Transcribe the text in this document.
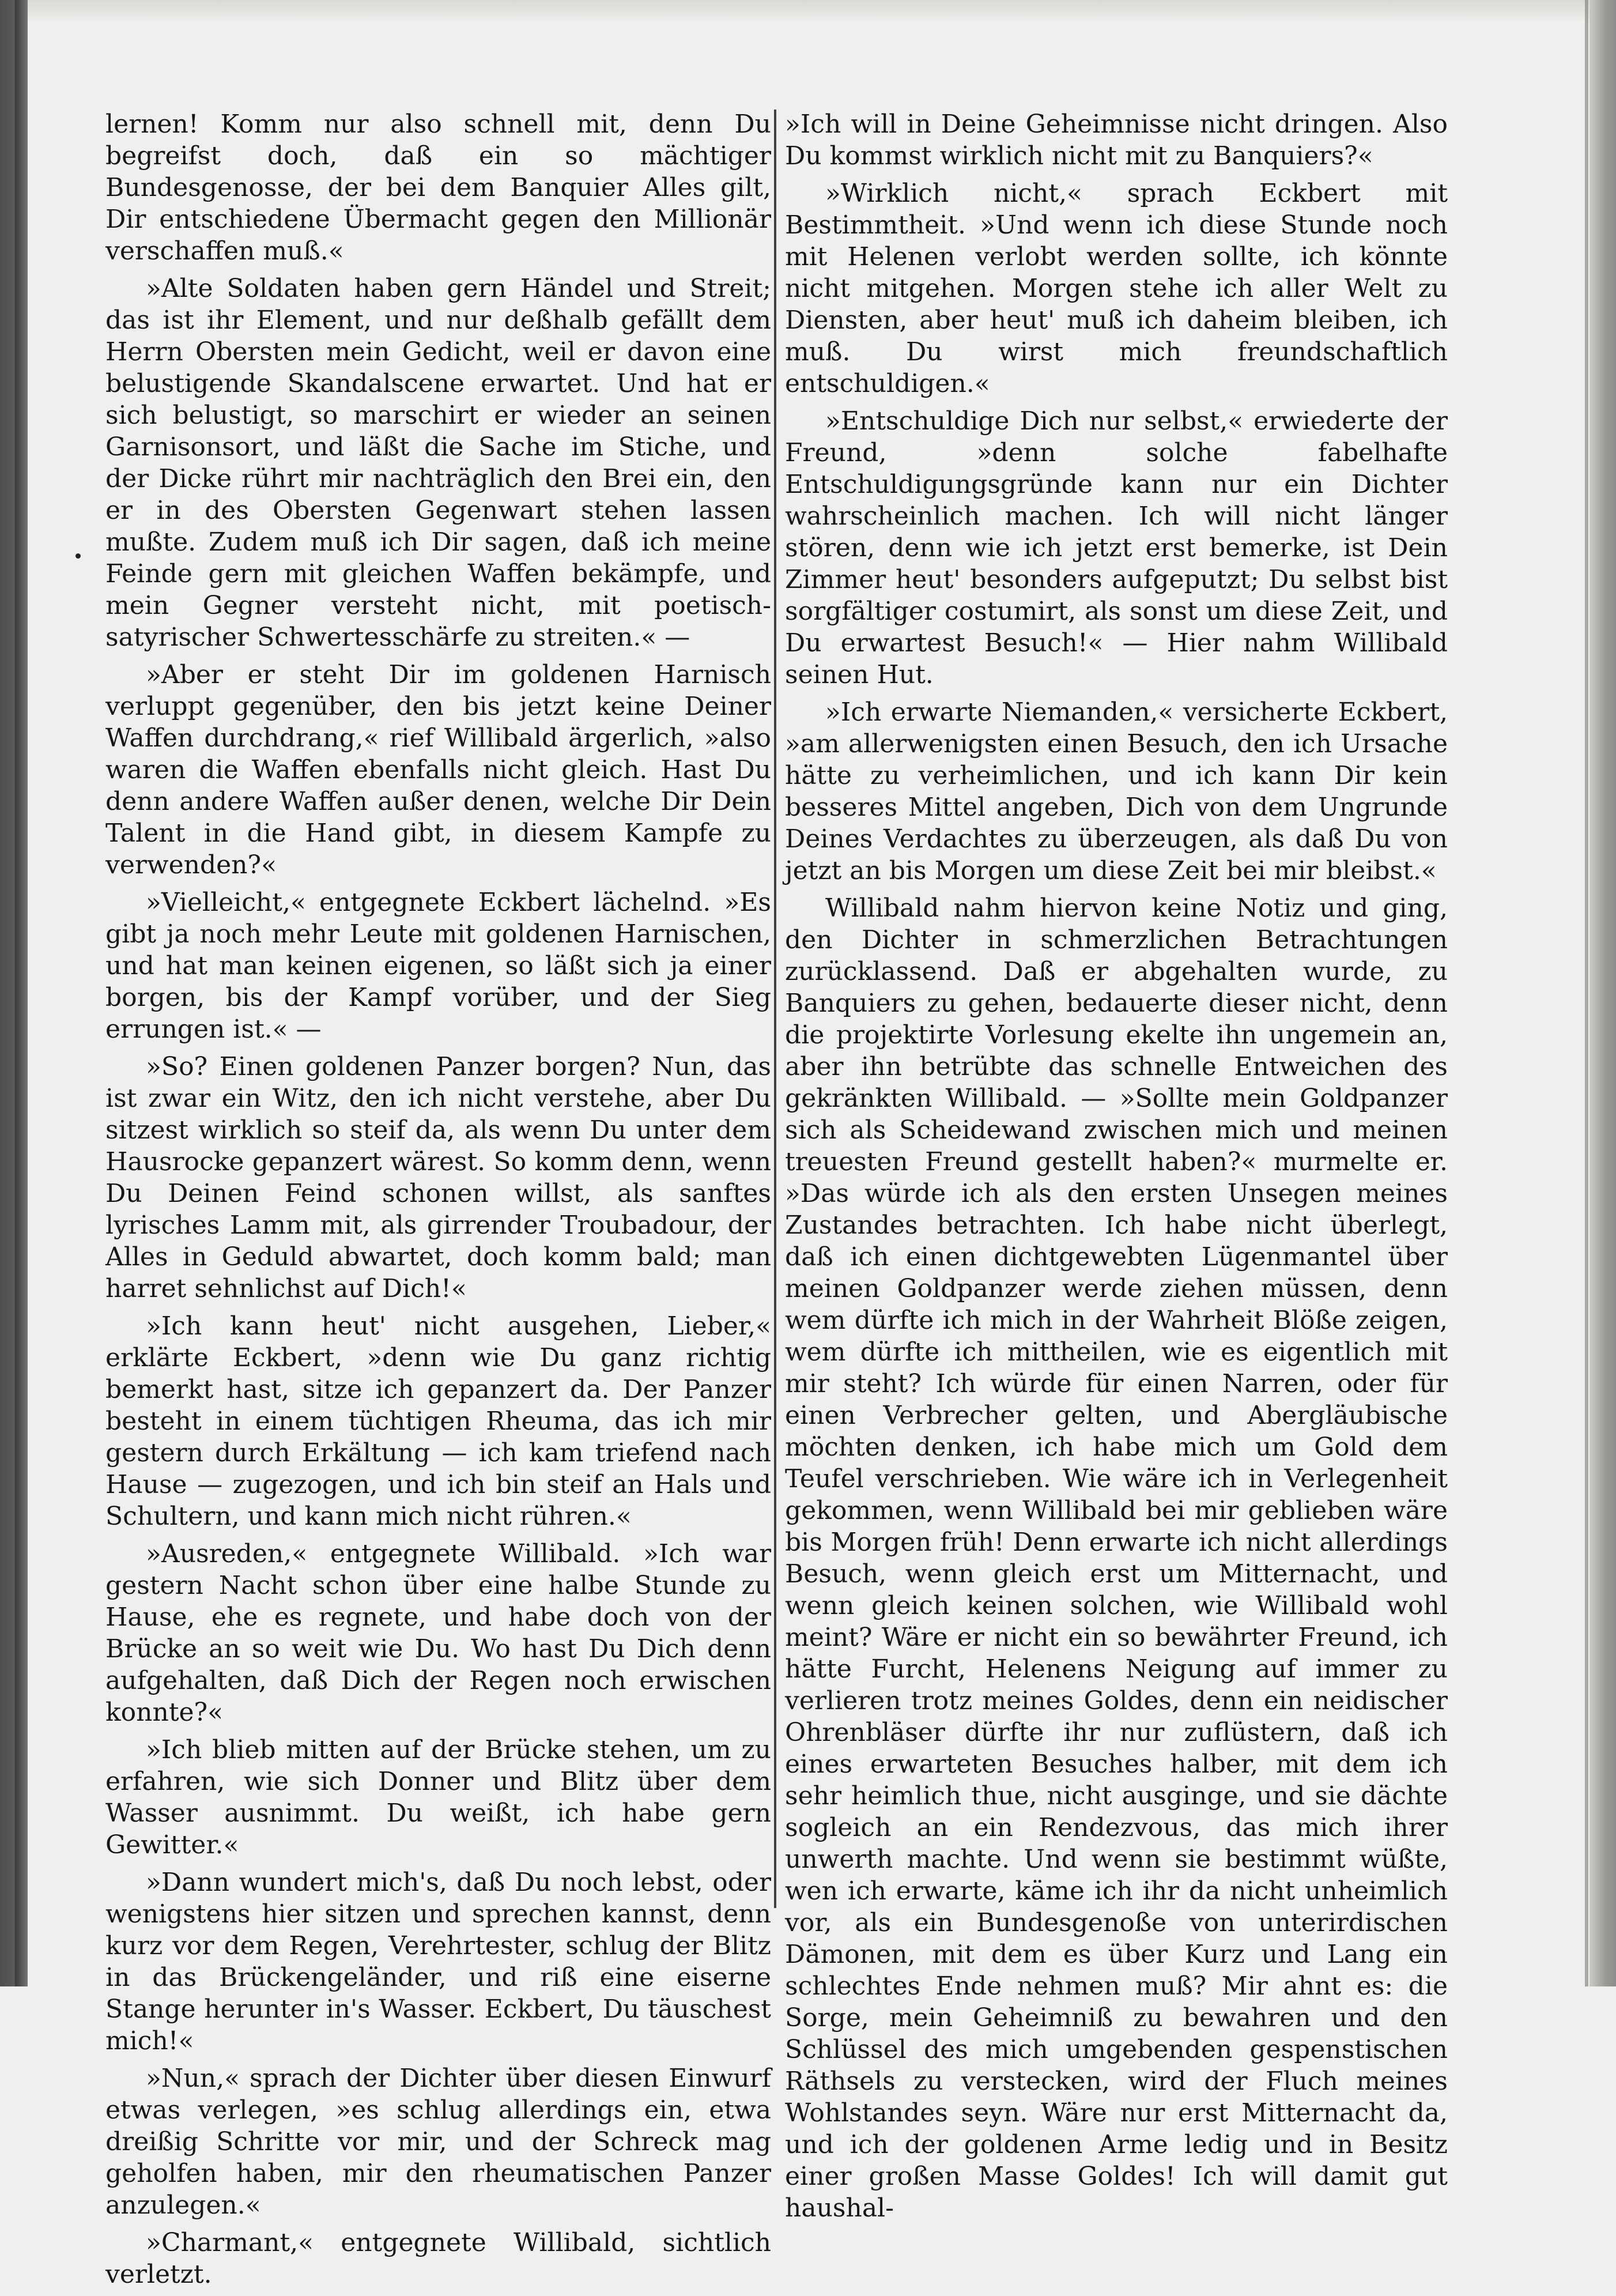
lernen! Komm nur also schnell mit, denn Du begreifst doch, daß ein so mächtiger Bundesgenosse, der bei dem Banquier Alles gilt, Dir entschiedene Übermacht gegen den Millionär verschaffen muß.«

»Alte Soldaten haben gern Händel und Streit; das ist ihr Element, und nur deßhalb gefällt dem Herrn Obersten mein Gedicht, weil er davon eine belustigende Skandalscene erwartet. Und hat er sich belustigt, so marschirt er wieder an seinen Garnisonsort, und läßt die Sache im Stiche, und der Dicke rührt mir nachträglich den Brei ein, den er in des Obersten Gegenwart stehen lassen mußte. Zudem muß ich Dir sagen, daß ich meine Feinde gern mit gleichen Waffen bekämpfe, und mein Gegner versteht nicht, mit poetisch-satyrischer Schwertesschärfe zu streiten.« —

»Aber er steht Dir im goldenen Harnisch verluppt gegenüber, den bis jetzt keine Deiner Waffen durchdrang,« rief Willibald ärgerlich, »also waren die Waffen ebenfalls nicht gleich. Hast Du denn andere Waffen außer denen, welche Dir Dein Talent in die Hand gibt, in diesem Kampfe zu verwenden?«

»Vielleicht,« entgegnete Eckbert lächelnd. »Es gibt ja noch mehr Leute mit goldenen Harnischen, und hat man keinen eigenen, so läßt sich ja einer borgen, bis der Kampf vorüber, und der Sieg errungen ist.« —

»So? Einen goldenen Panzer borgen? Nun, das ist zwar ein Witz, den ich nicht verstehe, aber Du sitzest wirklich so steif da, als wenn Du unter dem Hausrocke gepanzert wärest. So komm denn, wenn Du Deinen Feind schonen willst, als sanftes lyrisches Lamm mit, als girrender Troubadour, der Alles in Geduld abwartet, doch komm bald; man harret sehnlichst auf Dich!«

»Ich kann heut' nicht ausgehen, Lieber,« erklärte Eckbert, »denn wie Du ganz richtig bemerkt hast, sitze ich gepanzert da. Der Panzer besteht in einem tüchtigen Rheuma, das ich mir gestern durch Erkältung — ich kam triefend nach Hause — zugezogen, und ich bin steif an Hals und Schultern, und kann mich nicht rühren.«

»Ausreden,« entgegnete Willibald. »Ich war gestern Nacht schon über eine halbe Stunde zu Hause, ehe es regnete, und habe doch von der Brücke an so weit wie Du. Wo hast Du Dich denn aufgehalten, daß Dich der Regen noch erwischen konnte?«

»Ich blieb mitten auf der Brücke stehen, um zu erfahren, wie sich Donner und Blitz über dem Wasser ausnimmt. Du weißt, ich habe gern Gewitter.«

»Dann wundert mich's, daß Du noch lebst, oder wenigstens hier sitzen und sprechen kannst, denn kurz vor dem Regen, Verehrtester, schlug der Blitz in das Brückengeländer, und riß eine eiserne Stange herunter in's Wasser. Eckbert, Du täuschest mich!«

»Nun,« sprach der Dichter über diesen Einwurf etwas verlegen, »es schlug allerdings ein, etwa dreißig Schritte vor mir, und der Schreck mag geholfen haben, mir den rheumatischen Panzer anzulegen.«

»Charmant,« entgegnete Willibald, sichtlich verletzt.

»Ich will in Deine Geheimnisse nicht dringen. Also Du kommst wirklich nicht mit zu Banquiers?«

»Wirklich nicht,« sprach Eckbert mit Bestimmtheit. »Und wenn ich diese Stunde noch mit Helenen verlobt werden sollte, ich könnte nicht mitgehen. Morgen stehe ich aller Welt zu Diensten, aber heut' muß ich daheim bleiben, ich muß. Du wirst mich freundschaftlich entschuldigen.«

»Entschuldige Dich nur selbst,« erwiederte der Freund, »denn solche fabelhafte Entschuldigungsgründe kann nur ein Dichter wahrscheinlich machen. Ich will nicht länger stören, denn wie ich jetzt erst bemerke, ist Dein Zimmer heut' besonders aufgeputzt; Du selbst bist sorgfältiger costumirt, als sonst um diese Zeit, und Du erwartest Besuch!« — Hier nahm Willibald seinen Hut.

»Ich erwarte Niemanden,« versicherte Eckbert, »am allerwenigsten einen Besuch, den ich Ursache hätte zu verheimlichen, und ich kann Dir kein besseres Mittel angeben, Dich von dem Ungrunde Deines Verdachtes zu überzeugen, als daß Du von jetzt an bis Morgen um diese Zeit bei mir bleibst.«

Willibald nahm hiervon keine Notiz und ging, den Dichter in schmerzlichen Betrachtungen zurücklassend. Daß er abgehalten wurde, zu Banquiers zu gehen, bedauerte dieser nicht, denn die projektirte Vorlesung ekelte ihn ungemein an, aber ihn betrübte das schnelle Entweichen des gekränkten Willibald. — »Sollte mein Goldpanzer sich als Scheidewand zwischen mich und meinen treuesten Freund gestellt haben?« murmelte er. »Das würde ich als den ersten Unsegen meines Zustandes betrachten. Ich habe nicht überlegt, daß ich einen dichtgewebten Lügenmantel über meinen Goldpanzer werde ziehen müssen, denn wem dürfte ich mich in der Wahrheit Blöße zeigen, wem dürfte ich mittheilen, wie es eigentlich mit mir steht? Ich würde für einen Narren, oder für einen Verbrecher gelten, und Abergläubische möchten denken, ich habe mich um Gold dem Teufel verschrieben. Wie wäre ich in Verlegenheit gekommen, wenn Willibald bei mir geblieben wäre bis Morgen früh! Denn erwarte ich nicht allerdings Besuch, wenn gleich erst um Mitternacht, und wenn gleich keinen solchen, wie Willibald wohl meint? Wäre er nicht ein so bewährter Freund, ich hätte Furcht, Helenens Neigung auf immer zu verlieren trotz meines Goldes, denn ein neidischer Ohrenbläser dürfte ihr nur zuflüstern, daß ich eines erwarteten Besuches halber, mit dem ich sehr heimlich thue, nicht ausginge, und sie dächte sogleich an ein Rendezvous, das mich ihrer unwerth machte. Und wenn sie bestimmt wüßte, wen ich erwarte, käme ich ihr da nicht unheimlich vor, als ein Bundesgenoße von unterirdischen Dämonen, mit dem es über Kurz und Lang ein schlechtes Ende nehmen muß? Mir ahnt es: die Sorge, mein Geheimniß zu bewahren und den Schlüssel des mich umgebenden gespenstischen Räthsels zu verstecken, wird der Fluch meines Wohlstandes seyn. Wäre nur erst Mitternacht da, und ich der goldenen Arme ledig und in Besitz einer großen Masse Goldes! Ich will damit gut haushal-
